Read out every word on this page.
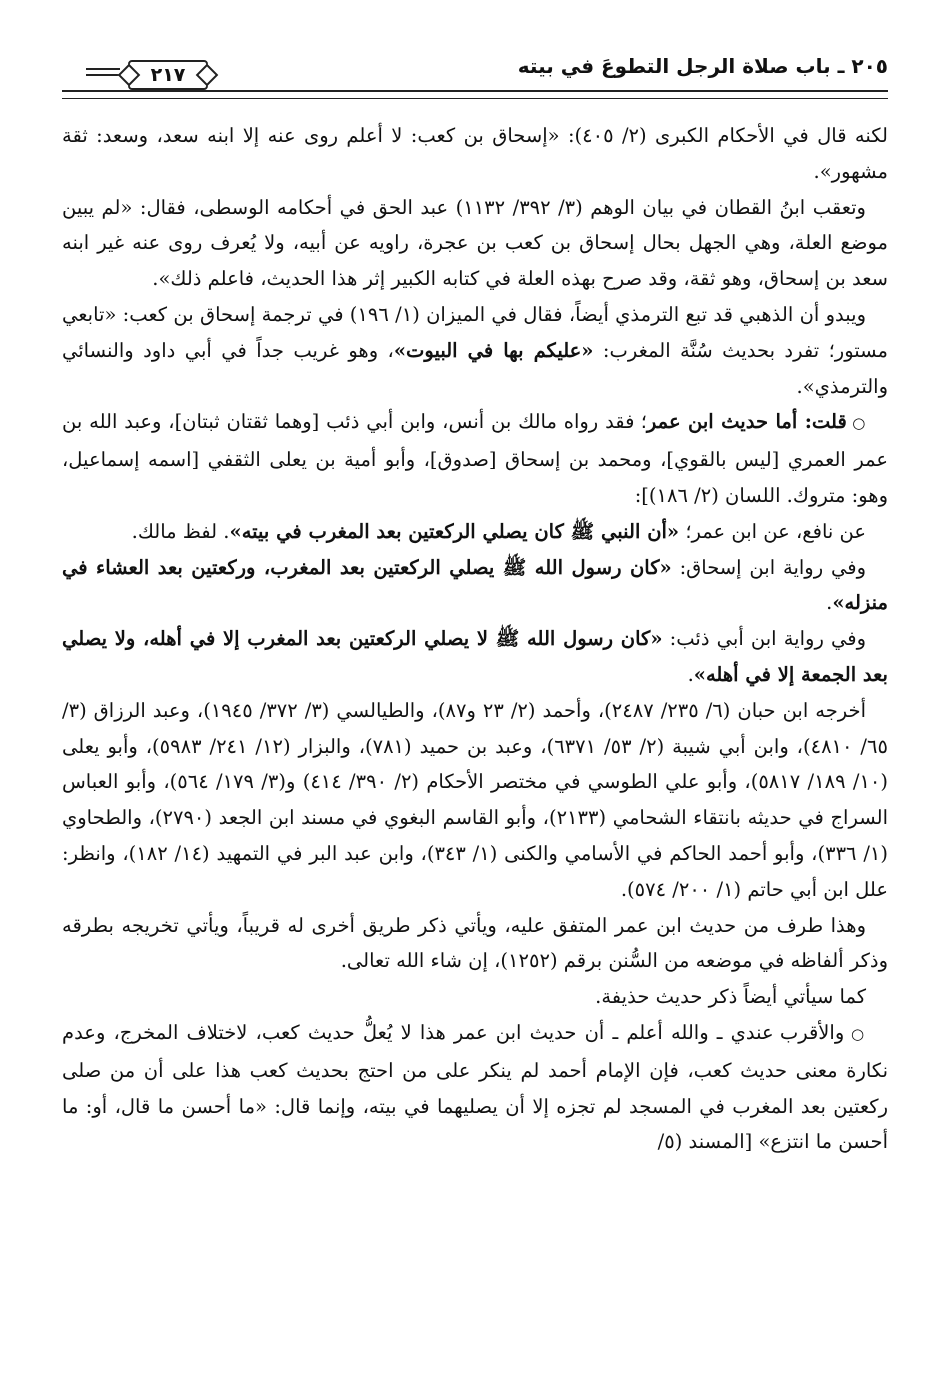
٢٠٥ ـ باب صلاة الرجل التطوعَ في بيته
٢١٧

لكنه قال في الأحكام الكبرى (٢/ ٤٠٥): «إسحاق بن كعب: لا أعلم روى عنه إلا ابنه سعد، وسعد: ثقة مشهور».

وتعقب ابنُ القطان في بيان الوهم (٣/ ٣٩٢/ ١١٣٢) عبد الحق في أحكامه الوسطى، فقال: «لم يبين موضع العلة، وهي الجهل بحال إسحاق بن كعب بن عجرة، راويه عن أبيه، ولا يُعرف روى عنه غير ابنه سعد بن إسحاق، وهو ثقة، وقد صرح بهذه العلة في كتابه الكبير إثر هذا الحديث، فاعلم ذلك».

ويبدو أن الذهبي قد تبع الترمذي أيضاً، فقال في الميزان (١/ ١٩٦) في ترجمة إسحاق بن كعب: «تابعي مستور؛ تفرد بحديث سُنَّة المغرب: «عليكم بها في البيوت»، وهو غريب جداً في أبي داود والنسائي والترمذي».

○ قلت: أما حديث ابن عمر؛ فقد رواه مالك بن أنس، وابن أبي ذئب [وهما ثقتان ثبتان]، وعبد الله بن عمر العمري [ليس بالقوي]، ومحمد بن إسحاق [صدوق]، وأبو أمية بن يعلى الثقفي [اسمه إسماعيل، وهو: متروك. اللسان (٢/ ١٨٦)]:

عن نافع، عن ابن عمر؛ «أن النبي ﷺ كان يصلي الركعتين بعد المغرب في بيته». لفظ مالك.

وفي رواية ابن إسحاق: «كان رسول الله ﷺ يصلي الركعتين بعد المغرب، وركعتين بعد العشاء في منزله».

وفي رواية ابن أبي ذئب: «كان رسول الله ﷺ لا يصلي الركعتين بعد المغرب إلا في أهله، ولا يصلي بعد الجمعة إلا في أهله».

أخرجه ابن حبان (٦/ ٢٣٥/ ٢٤٨٧)، وأحمد (٢/ ٢٣ و٨٧)، والطيالسي (٣/ ٣٧٢/ ١٩٤٥)، وعبد الرزاق (٣/ ٦٥/ ٤٨١٠)، وابن أبي شيبة (٢/ ٥٣/ ٦٣٧١)، وعبد بن حميد (٧٨١)، والبزار (١٢/ ٢٤١/ ٥٩٨٣)، وأبو يعلى (١٠/ ١٨٩/ ٥٨١٧)، وأبو علي الطوسي في مختصر الأحكام (٢/ ٣٩٠/ ٤١٤) و(٣/ ١٧٩/ ٥٦٤)، وأبو العباس السراج في حديثه بانتقاء الشحامي (٢١٣٣)، وأبو القاسم البغوي في مسند ابن الجعد (٢٧٩٠)، والطحاوي (١/ ٣٣٦)، وأبو أحمد الحاكم في الأسامي والكنى (١/ ٣٤٣)، وابن عبد البر في التمهيد (١٤/ ١٨٢)، وانظر: علل ابن أبي حاتم (١/ ٢٠٠/ ٥٧٤).

وهذا طرف من حديث ابن عمر المتفق عليه، ويأتي ذكر طريق أخرى له قريباً، ويأتي تخريجه بطرقه وذكر ألفاظه في موضعه من السُّنن برقم (١٢٥٢)، إن شاء الله تعالى.

كما سيأتي أيضاً ذكر حديث حذيفة.

○ والأقرب عندي ـ والله أعلم ـ أن حديث ابن عمر هذا لا يُعلُّ حديث كعب، لاختلاف المخرج، وعدم نكارة معنى حديث كعب، فإن الإمام أحمد لم ينكر على من احتج بحديث كعب هذا على أن من صلى ركعتين بعد المغرب في المسجد لم تجزه إلا أن يصليهما في بيته، وإنما قال: «ما أحسن ما قال، أو: ما أحسن ما انتزع» [المسند (٥/
